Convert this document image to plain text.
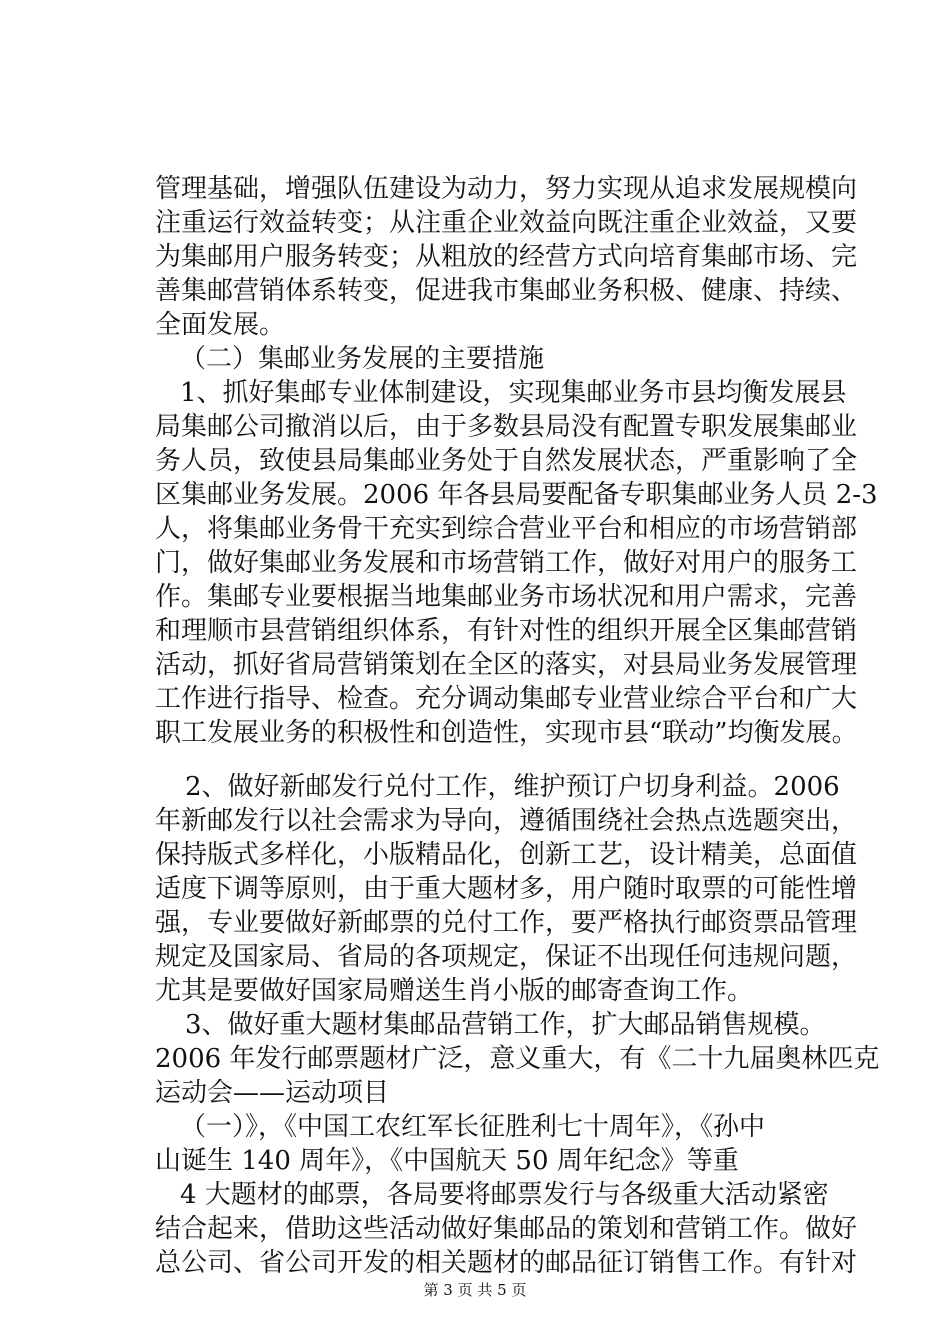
管理基础，增强队伍建设为动力，努力实现从追求发展规模向
注重运行效益转变；从注重企业效益向既注重企业效益，又要
为集邮用户服务转变；从粗放的经营方式向培育集邮市场、完
善集邮营销体系转变，促进我市集邮业务积极、健康、持续、
全面发展。
（二）集邮业务发展的主要措施
1、抓好集邮专业体制建设，实现集邮业务市县均衡发展县
局集邮公司撤消以后，由于多数县局没有配置专职发展集邮业
务人员，致使县局集邮业务处于自然发展状态，严重影响了全
区集邮业务发展。2006 年各县局要配备专职集邮业务人员 2-3
人，将集邮业务骨干充实到综合营业平台和相应的市场营销部
门，做好集邮业务发展和市场营销工作，做好对用户的服务工
作。集邮专业要根据当地集邮业务市场状况和用户需求，完善
和理顺市县营销组织体系，有针对性的组织开展全区集邮营销
活动，抓好省局营销策划在全区的落实，对县局业务发展管理
工作进行指导、检查。充分调动集邮专业营业综合平台和广大
职工发展业务的积极性和创造性，实现市县“联动”均衡发展。
2、做好新邮发行兑付工作，维护预订户切身利益。2006
年新邮发行以社会需求为导向，遵循围绕社会热点选题突出，
保持版式多样化，小版精品化，创新工艺，设计精美，总面值
适度下调等原则，由于重大题材多，用户随时取票的可能性增
强，专业要做好新邮票的兑付工作，要严格执行邮资票品管理
规定及国家局、省局的各项规定，保证不出现任何违规问题，
尤其是要做好国家局赠送生肖小版的邮寄查询工作。
3、做好重大题材集邮品营销工作，扩大邮品销售规模。
2006 年发行邮票题材广泛，意义重大，有《二十九届奥林匹克
运动会——运动项目
（一）》，《中国工农红军长征胜利七十周年》，《孙中
山诞生 140 周年》，《中国航天 50 周年纪念》等重
4 大题材的邮票，各局要将邮票发行与各级重大活动紧密
结合起来，借助这些活动做好集邮品的策划和营销工作。做好
总公司、省公司开发的相关题材的邮品征订销售工作。有针对
第 3 页 共 5 页
